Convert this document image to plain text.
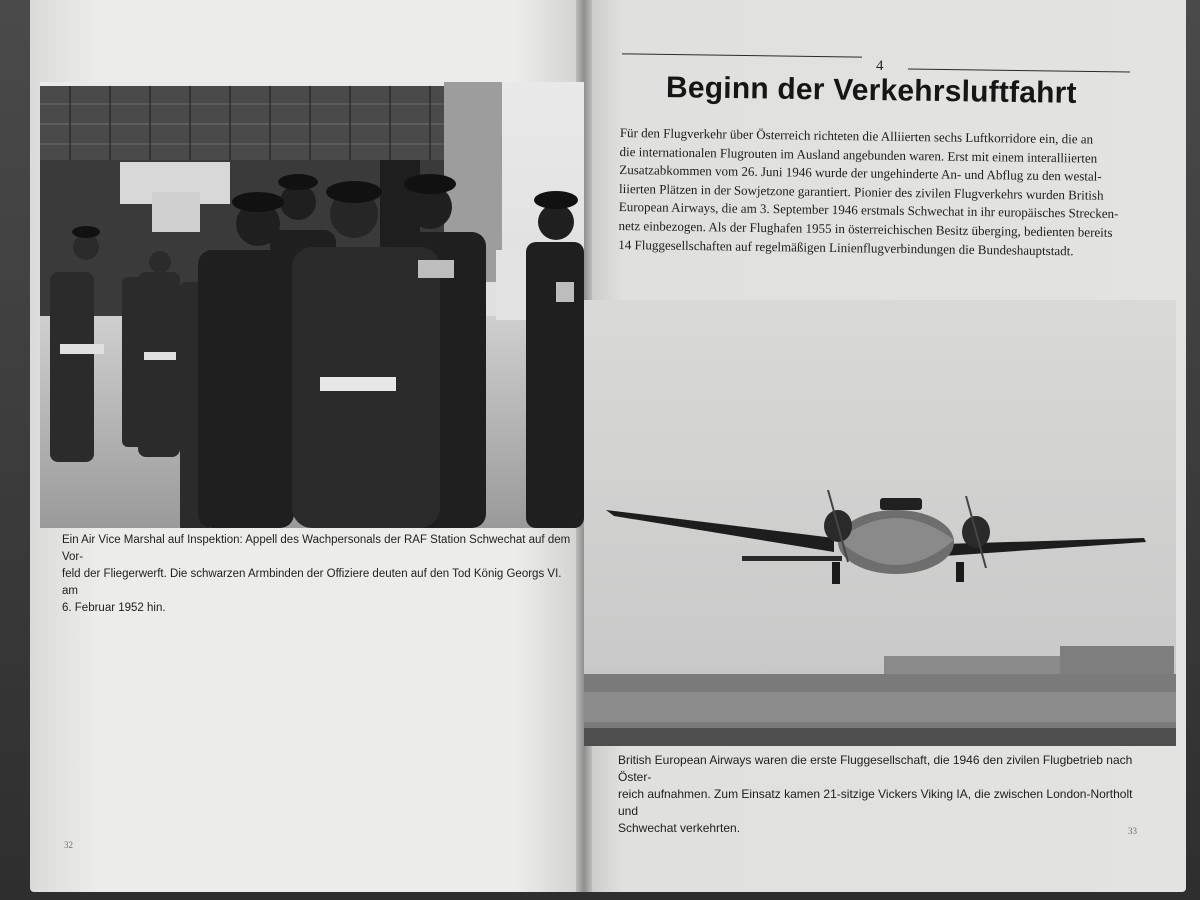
Ein Air Vice Marshal auf Inspektion: Appell des Wachpersonals der RAF Station Schwechat auf dem Vor-
feld der Fliegerwerft. Die schwarzen Armbinden der Offiziere deuten auf den Tod König Georgs VI. am
6. Februar 1952 hin.

32
4
Beginn der Verkehrsluftfahrt
Für den Flugverkehr über Österreich richteten die Alliierten sechs Luftkorridore ein, die an
die internationalen Flugrouten im Ausland angebunden waren. Erst mit einem interalliierten
Zusatzabkommen vom 26. Juni 1946 wurde der ungehinderte An- und Abflug zu den westal-
liierten Plätzen in der Sowjetzone garantiert. Pionier des zivilen Flugverkehrs wurden British
European Airways, die am 3. September 1946 erstmals Schwechat in ihr europäisches Strecken-
netz einbezogen. Als der Flughafen 1955 in österreichischen Besitz überging, bedienten bereits
14 Fluggesellschaften auf regelmäßigen Linienflugverbindungen die Bundeshauptstadt.

British European Airways waren die erste Fluggesellschaft, die 1946 den zivilen Flugbetrieb nach Öster-
reich aufnahmen. Zum Einsatz kamen 21-sitzige Vickers Viking IA, die zwischen London-Northolt und
Schwechat verkehrten.	33
